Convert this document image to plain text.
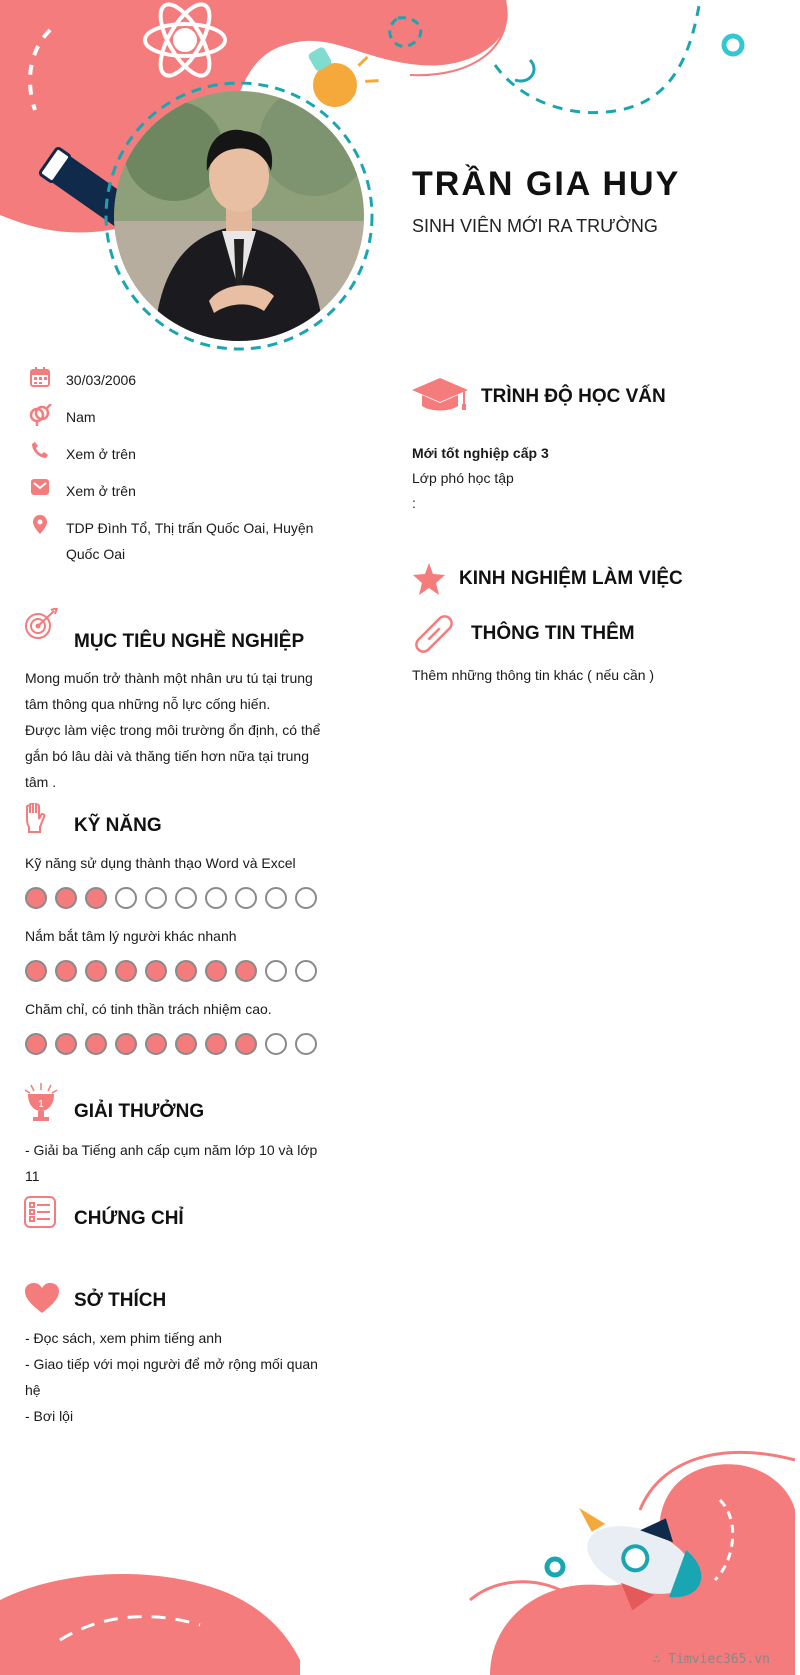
TRẦN GIA HUY
SINH VIÊN MỚI RA TRƯỜNG
30/03/2006
Nam
Xem ở trên
Xem ở trên
TDP Đình Tổ, Thị trấn Quốc Oai, Huyện
Quốc Oai
MỤC TIÊU NGHỀ NGHIỆP
Mong muốn trở thành một nhân ưu tú tại trung
tâm thông qua những nỗ lực cống hiến.
Được làm việc trong môi trường ổn định, có thể
gắn bó lâu dài và thăng tiến hơn nữa tại trung
tâm .
KỸ NĂNG
Kỹ năng sử dụng thành thạo Word và Excel
Nắm bắt tâm lý người khác nhanh
Chăm chỉ, có tinh thần trách nhiệm cao.
1 GIẢI THƯỞNG
- Giải ba Tiếng anh cấp cụm năm lớp 10 và lớp
11
CHỨNG CHỈ
SỞ THÍCH
- Đọc sách, xem phim tiếng anh
- Giao tiếp với mọi người để mở rộng mối quan
hệ
- Bơi lội
TRÌNH ĐỘ HỌC VẤN
Mới tốt nghiệp cấp 3
Lớp phó học tập
:
KINH NGHIỆM LÀM VIỆC
THÔNG TIN THÊM
Thêm những thông tin khác ( nếu cần )
∴ Timviec365.vn
